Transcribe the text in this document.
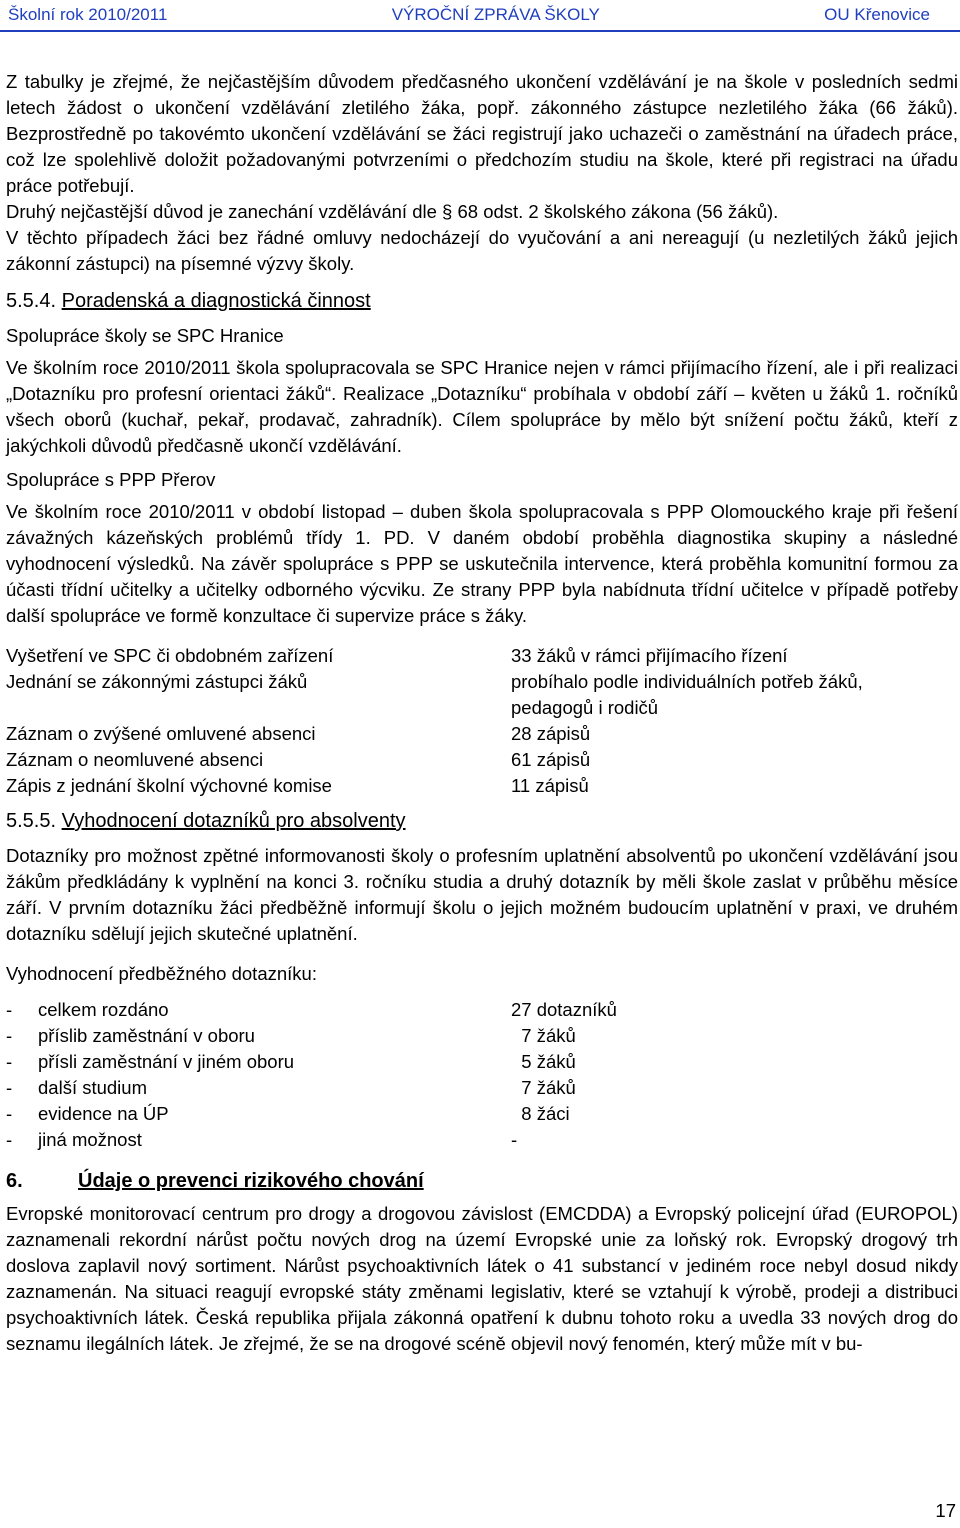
Školní rok 2010/2011	VÝROČNÍ ZPRÁVA ŠKOLY	OU Křenovice

Z tabulky je zřejmé, že nejčastějším důvodem předčasného ukončení vzdělávání je na škole v posledních sedmi letech žádost o ukončení vzdělávání zletilého žáka, popř. zákonného zástupce nezletilého žáka (66 žáků). Bezprostředně po takovémto ukončení vzdělávání se žáci registrují jako uchazeči o zaměstnání na úřadech práce, což lze spolehlivě doložit požadovanými potvrzeními o předchozím studiu na škole, které při registraci na úřadu práce potřebují.

Druhý nejčastější důvod je zanechání vzdělávání dle § 68 odst. 2 školského zákona (56 žáků).

V těchto případech žáci bez řádné omluvy nedocházejí do vyučování a ani nereagují (u nezletilých žáků jejich zákonní zástupci) na písemné výzvy školy.

5.5.4. Poradenská a diagnostická činnost

Spolupráce školy se SPC Hranice

Ve školním roce 2010/2011 škola spolupracovala se SPC Hranice nejen v rámci přijímacího řízení, ale i při realizaci „Dotazníku pro profesní orientaci žáků“. Realizace „Dotazníku“ probíhala v období září – květen u žáků 1. ročníků všech oborů (kuchař, pekař, prodavač, zahradník). Cílem spolupráce by mělo být snížení počtu žáků, kteří z jakýchkoli důvodů předčasně ukončí vzdělávání.

Spolupráce s PPP Přerov

Ve školním roce 2010/2011 v období listopad – duben škola spolupracovala s PPP Olomouckého kraje při řešení závažných kázeňských problémů třídy 1. PD. V daném období proběhla diagnostika skupiny a následné vyhodnocení výsledků. Na závěr spolupráce s PPP se uskutečnila intervence, která proběhla komunitní formou za účasti třídní učitelky a učitelky odborného výcviku. Ze strany PPP byla nabídnuta třídní učitelce v případě potřeby další spolupráce ve formě konzultace či supervize práce s žáky.

Vyšetření ve SPC či obdobném zařízení	33 žáků v rámci přijímacího řízení
Jednání se zákonnými zástupci žáků	probíhalo podle individuálních potřeb žáků,
pedagogů i rodičů
Záznam o zvýšené omluvené absenci	28 zápisů
Záznam o neomluvené absenci	61 zápisů
Zápis z jednání školní výchovné komise	11 zápisů
5.5.5. Vyhodnocení dotazníků pro absolventy

Dotazníky pro možnost zpětné informovanosti školy o profesním uplatnění absolventů po ukončení vzdělávání jsou žákům předkládány k vyplnění na konci 3. ročníku studia a druhý dotazník by měli škole zaslat v průběhu měsíce září. V prvním dotazníku žáci předběžně informují školu o jejich možném budoucím uplatnění v praxi, ve druhém dotazníku sdělují jejich skutečné uplatnění.

Vyhodnocení předběžného dotazníku:

-	celkem rozdáno	27 dotazníků
-	příslib zaměstnání v oboru	7 žáků
-	přísli zaměstnání v jiném oboru	5 žáků
-	další studium	7 žáků
-	evidence na ÚP	8 žáci
-	jiná možnost	-
6.	Údaje o prevenci rizikového chování

Evropské monitorovací centrum pro drogy a drogovou závislost (EMCDDA) a Evropský policejní úřad (EUROPOL) zaznamenali rekordní nárůst počtu nových drog na území Evropské unie za loňský rok. Evropský drogový trh doslova zaplavil nový sortiment. Nárůst psychoaktivních látek o 41 substancí v jediném roce nebyl dosud nikdy zaznamenán. Na situaci reagují evropské státy změnami legislativ, které se vztahují k výrobě, prodeji a distribuci psychoaktivních látek. Česká republika přijala zákonná opatření k dubnu tohoto roku a uvedla 33 nových drog do seznamu ilegálních látek. Je zřejmé, že se na drogové scéně objevil nový fenomén, který může mít v bu-

17
